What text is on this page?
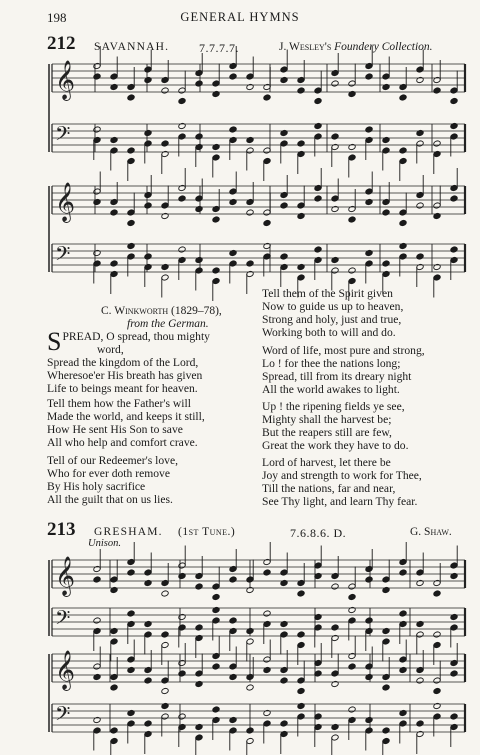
198	GENERAL HYMNS
212 SAVANNAH. 7.7.7.7.	J. Wesley's Foundery Collection.
𝄞
𝄢
𝄞
𝄢
𝄞
𝄢
𝄞
𝄢
C. Winkworth (1829–78),
from the German.
SPREAD, O spread, thou mighty
word,
Spread the kingdom of the Lord,
Wheresoe'er His breath has given
Life to beings meant for heaven.
Tell them how the Father's will
Made the world, and keeps it still,
How He sent His Son to save
All who help and comfort crave.
Tell of our Redeemer's love,
Who for ever doth remove
By His holy sacrifice
All the guilt that on us lies.
Tell them of the Spirit given
Now to guide us up to heaven,
Strong and holy, just and true,
Working both to will and do.
Word of life, most pure and strong,
Lo ! for thee the nations long;
Spread, till from its dreary night
All the world awakes to light.
Up ! the ripening fields ye see,
Mighty shall the harvest be;
But the reapers still are few,
Great the work they have to do.
Lord of harvest, let there be
Joy and strength to work for Thee,
Till the nations, far and near,
See Thy light, and learn Thy fear.
213 GRESHAM. (1st Tune.)	7.6.8.6. D.	G. Shaw.
Unison.
